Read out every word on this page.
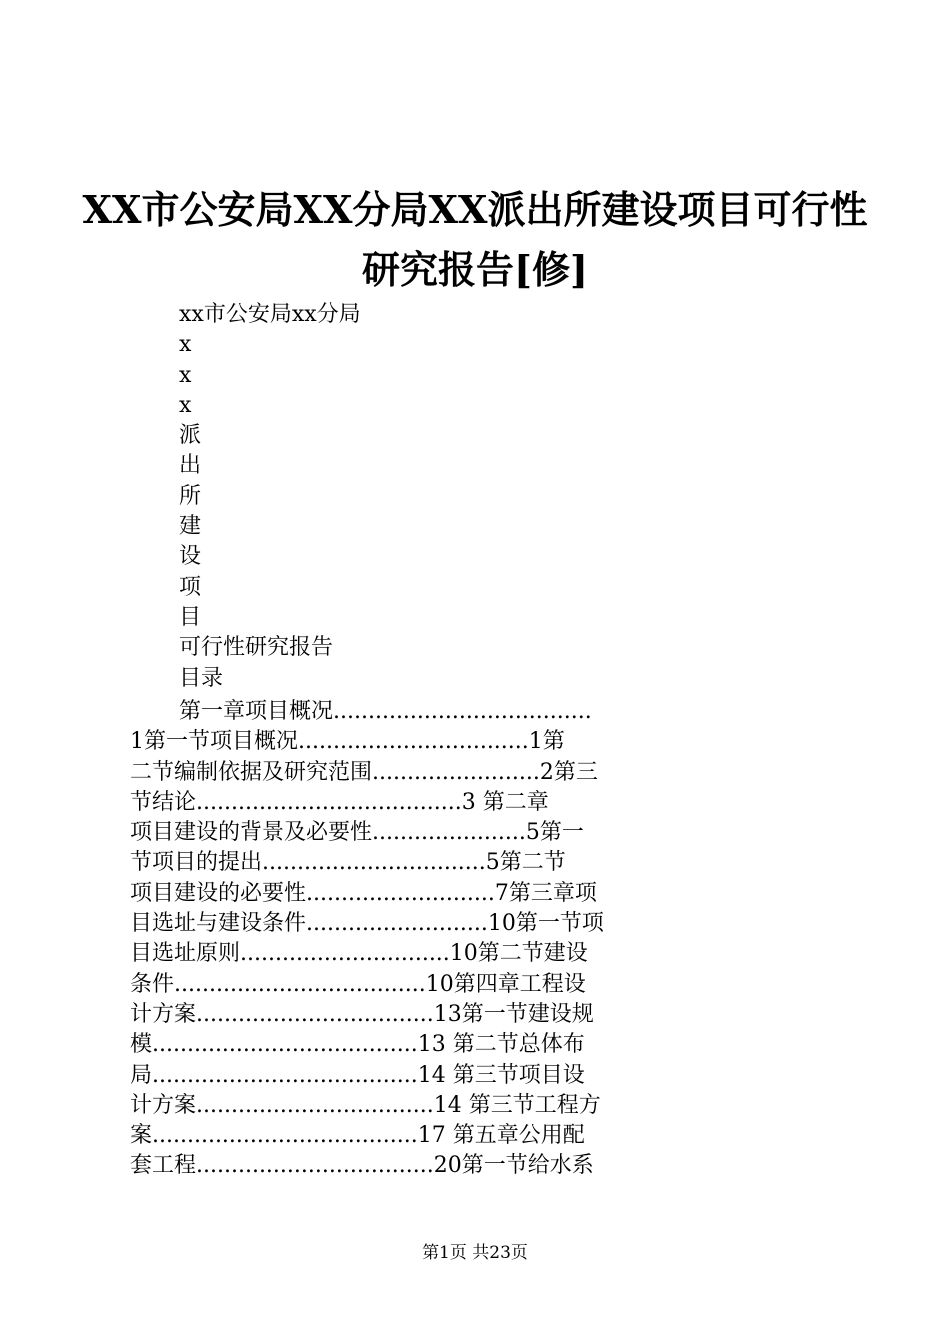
XX市公安局XX分局XX派出所建设项目可行性
研究报告[修]
xx市公安局xx分局
x
x
x
派
出
所
建
设
项
目
可行性研究报告
目录
第一章项目概况.....................................
1第一节项目概况.................................1第
二节编制依据及研究范围........................2第三
节结论......................................3 第二章
项目建设的背景及必要性......................5第一
节项目的提出................................5第二节
项目建设的必要性...........................7第三章项
目选址与建设条件..........................10第一节项
目选址原则..............................10第二节建设
条件....................................10第四章工程设
计方案..................................13第一节建设规
模......................................13 第二节总体布
局......................................14 第三节项目设
计方案..................................14 第三节工程方
案......................................17 第五章公用配
套工程..................................20第一节给水系
第1页 共23页
